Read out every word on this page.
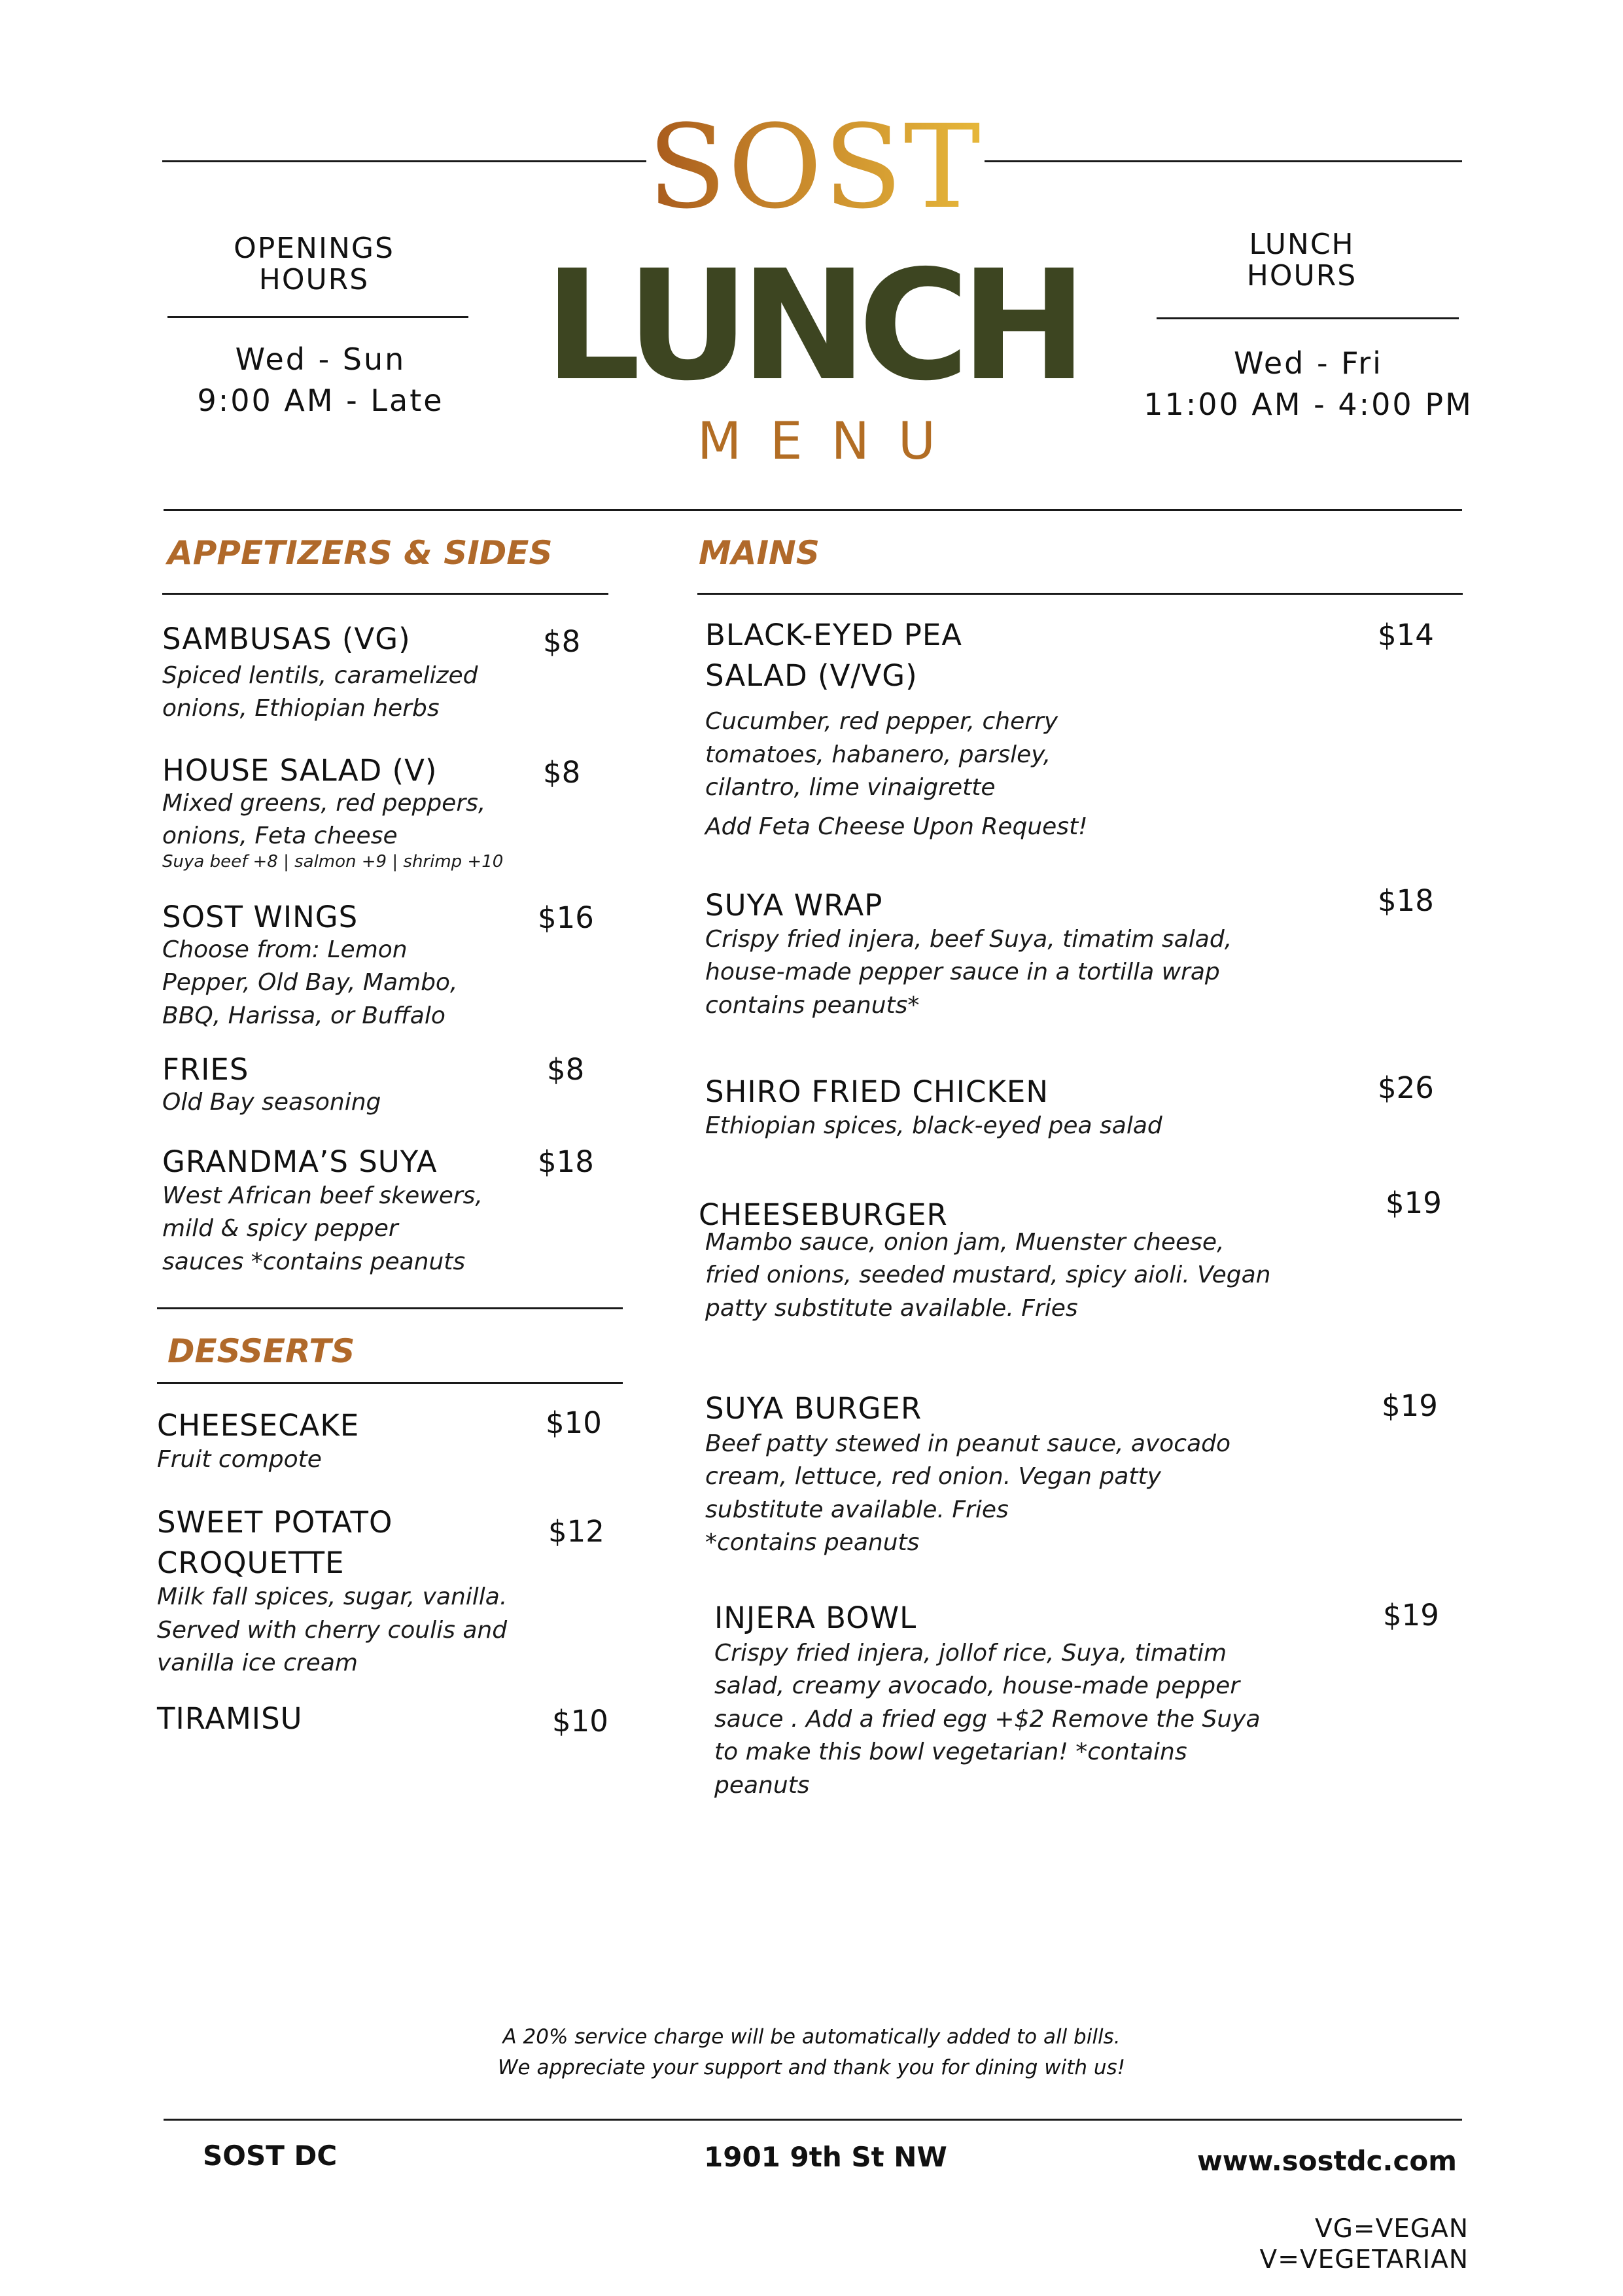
SOST
LUNCH
MENU
OPENINGS
HOURS
Wed - Sun
9:00 AM - Late
LUNCH
HOURS
Wed - Fri
11:00 AM - 4:00 PM
APPETIZERS & SIDES
SAMBUSAS (VG)
Spiced lentils, caramelized
onions, Ethiopian herbs
$8
HOUSE SALAD (V)
Mixed greens, red peppers,
onions, Feta cheese
Suya beef +8 | salmon +9 | shrimp +10
$8
SOST WINGS
Choose from: Lemon
Pepper, Old Bay, Mambo,
BBQ, Harissa, or Buffalo
$16
FRIES
Old Bay seasoning
$8
GRANDMA’S SUYA
West African beef skewers,
mild & spicy pepper
sauces *contains peanuts
$18
DESSERTS
CHEESECAKE
Fruit compote
$10
SWEET POTATO
CROQUETTE
Milk fall spices, sugar, vanilla.
Served with cherry coulis and
vanilla ice cream
$12
TIRAMISU	$10
MAINS
BLACK-EYED PEA
SALAD (V/VG)
Cucumber, red pepper, cherry
tomatoes, habanero, parsley,
cilantro, lime vinaigrette
Add Feta Cheese Upon Request!
$14
SUYA WRAP
Crispy fried injera, beef Suya, timatim salad,
house-made pepper sauce in a tortilla wrap
contains peanuts*
$18
SHIRO FRIED CHICKEN
Ethiopian spices, black-eyed pea salad
$26
CHEESEBURGER
Mambo sauce, onion jam, Muenster cheese,
fried onions, seeded mustard, spicy aioli. Vegan
patty substitute available. Fries
$19
SUYA BURGER
Beef patty stewed in peanut sauce, avocado
cream, lettuce, red onion. Vegan patty
substitute available. Fries
*contains peanuts
$19
INJERA BOWL
Crispy fried injera, jollof rice, Suya, timatim
salad, creamy avocado, house-made pepper
sauce . Add a fried egg +$2 Remove the Suya
to make this bowl vegetarian! *contains
peanuts
$19
A 20% service charge will be automatically added to all bills.
We appreciate your support and thank you for dining with us!
SOST DC	1901 9th St NW	www.sostdc.com
VG=VEGAN
V=VEGETARIAN
